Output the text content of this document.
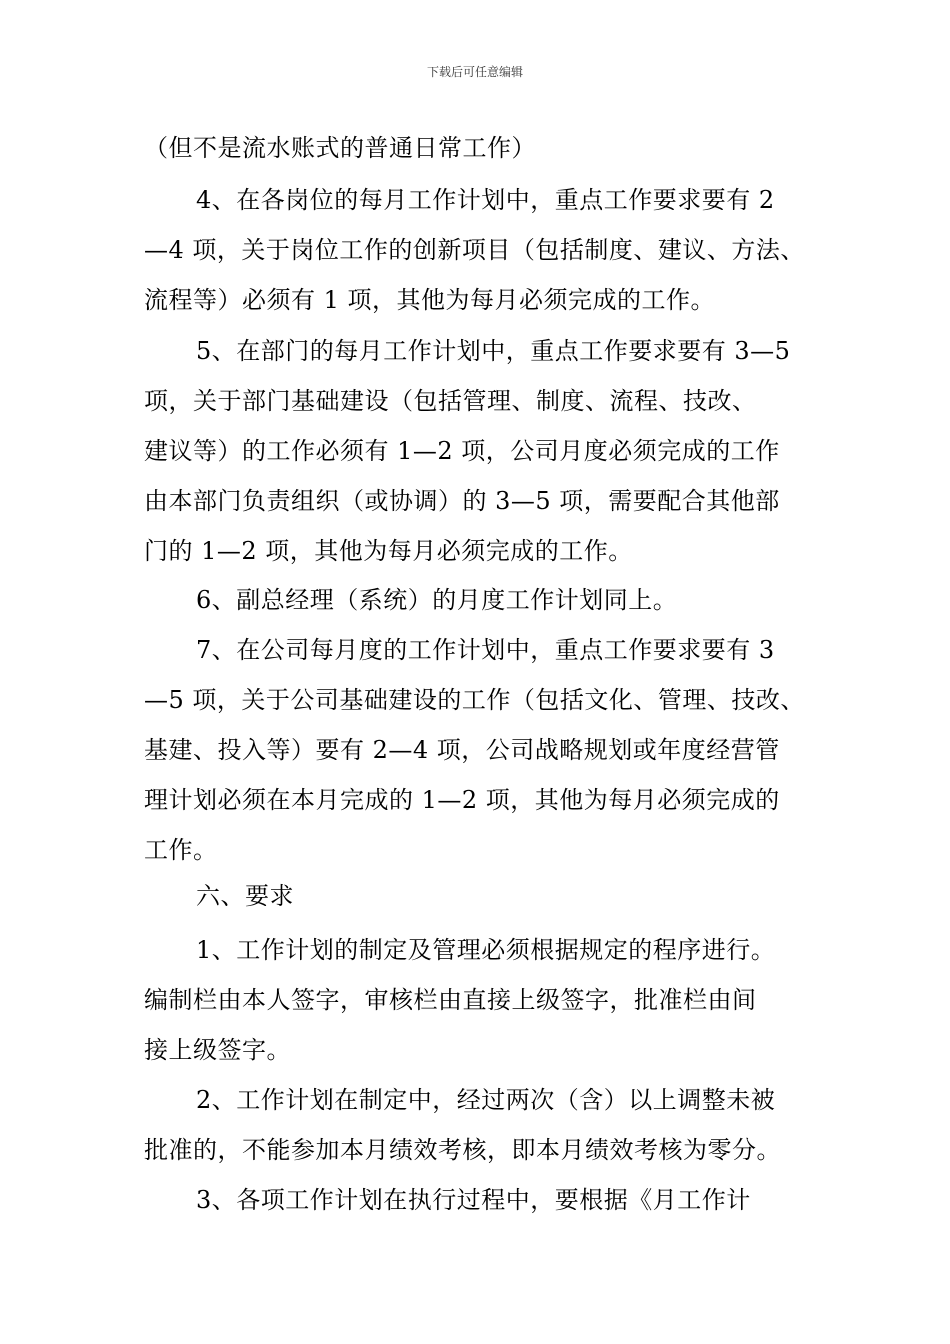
下载后可任意编辑
（但不是流水账式的普通日常工作）
4、在各岗位的每月工作计划中，重点工作要求要有 2
—4 项，关于岗位工作的创新项目（包括制度、建议、方法、
流程等）必须有 1 项，其他为每月必须完成的工作。
5、在部门的每月工作计划中，重点工作要求要有 3—5
项，关于部门基础建设（包括管理、制度、流程、技改、
建议等）的工作必须有 1—2 项，公司月度必须完成的工作
由本部门负责组织（或协调）的 3—5 项，需要配合其他部
门的 1—2 项，其他为每月必须完成的工作。
6、副总经理（系统）的月度工作计划同上。
7、在公司每月度的工作计划中，重点工作要求要有 3
—5 项，关于公司基础建设的工作（包括文化、管理、技改、
基建、投入等）要有 2—4 项，公司战略规划或年度经营管
理计划必须在本月完成的 1—2 项，其他为每月必须完成的
工作。
六、要求
1、工作计划的制定及管理必须根据规定的程序进行。
编制栏由本人签字，审核栏由直接上级签字，批准栏由间
接上级签字。
2、工作计划在制定中，经过两次（含）以上调整未被
批准的，不能参加本月绩效考核，即本月绩效考核为零分。
3、各项工作计划在执行过程中，要根据《月工作计
